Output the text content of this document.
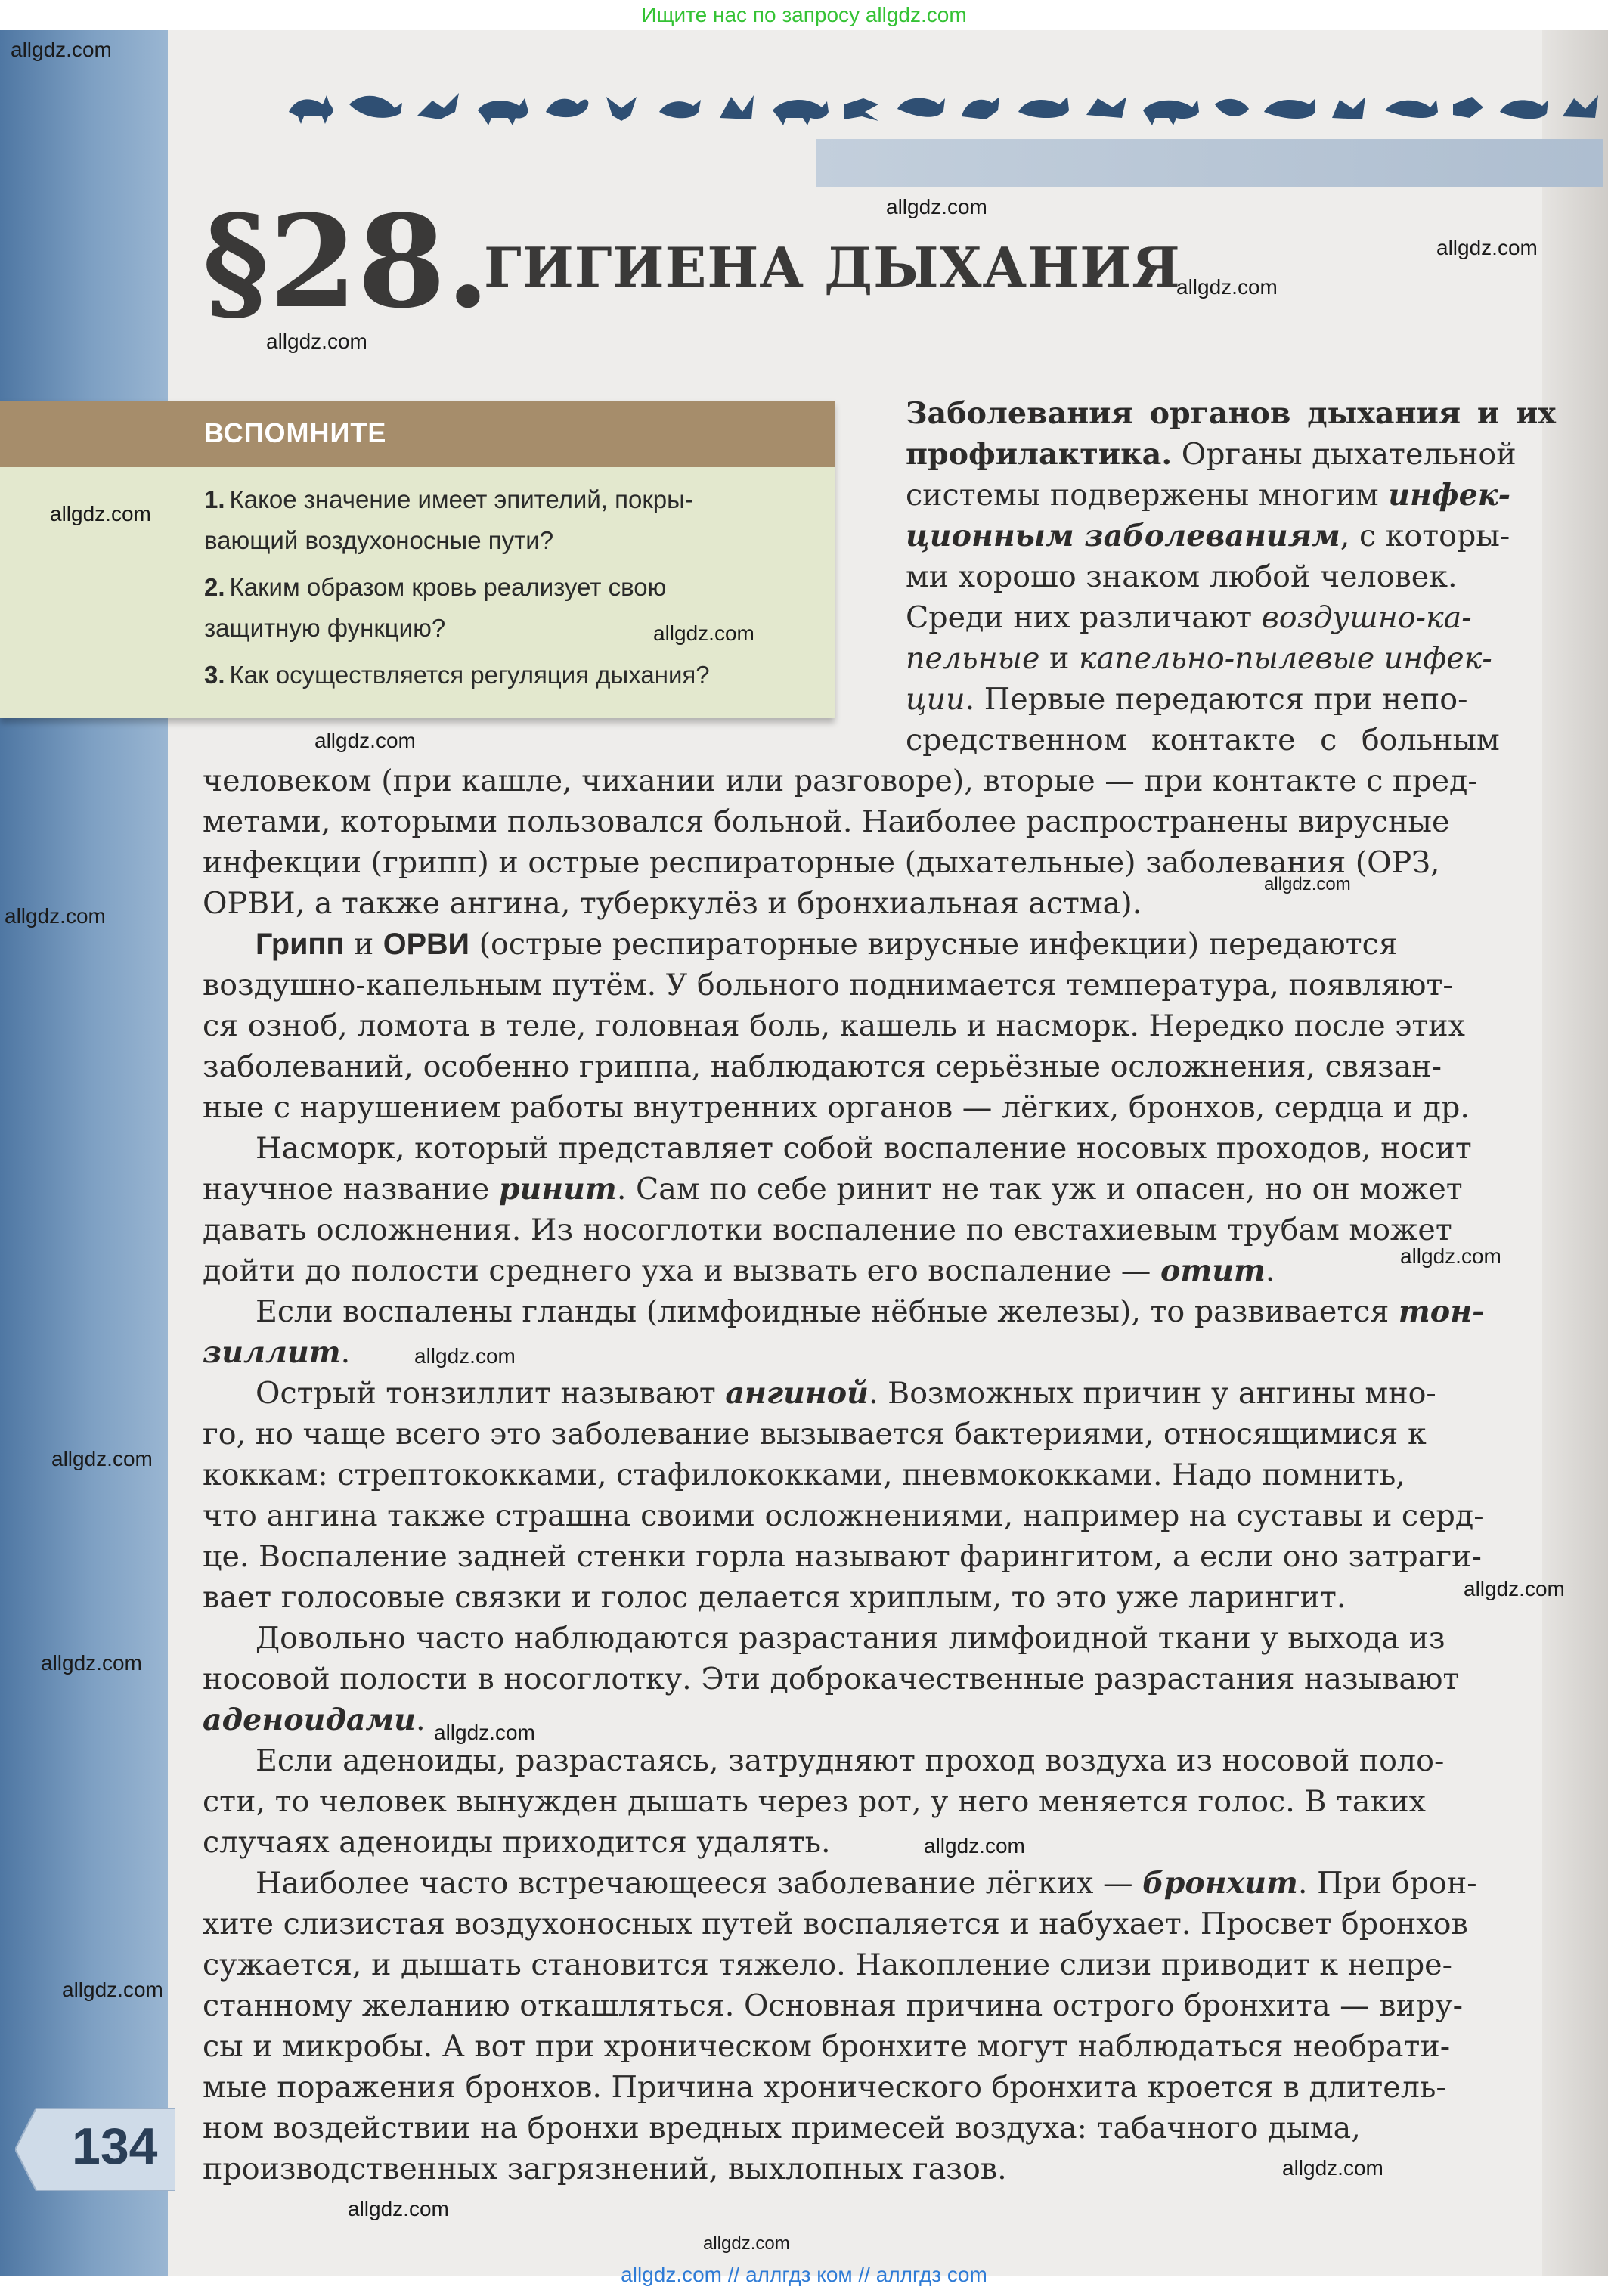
Ищите нас по запросу allgdz.com
§28.
ГИГИЕНА ДЫХАНИЯ
ВСПОМНИТЕ
1. Какое значение имеет эпителий, покры-
вающий воздухоносные пути?
2. Каким образом кровь реализует свою
защитную функцию?
3. Как осуществляется регуляция дыхания?
Заболевания органов дыхания и их
профилактика. Органы дыхательной
системы подвержены многим инфек-
ционным заболеваниям, с которы-
ми хорошо знаком любой человек.
Среди них различают воздушно-ка-
пельные и капельно-пылевые инфек-
ции. Первые передаются при непо-
средственном контакте с больным
человеком (при кашле, чихании или разговоре), вторые — при контакте с пред-
метами, которыми пользовался больной. Наиболее распространены вирусные
инфекции (грипп) и острые респираторные (дыхательные) заболевания (ОРЗ,
ОРВИ, а также ангина, туберкулёз и бронхиальная астма).
Грипп и ОРВИ (острые респираторные вирусные инфекции) передаются
воздушно-капельным путём. У больного поднимается температура, появляют-
ся озноб, ломота в теле, головная боль, кашель и насморк. Нередко после этих
заболеваний, особенно гриппа, наблюдаются серьёзные осложнения, связан-
ные с нарушением работы внутренних органов — лёгких, бронхов, сердца и др.
Насморк, который представляет собой воспаление носовых проходов, носит
научное название ринит. Сам по себе ринит не так уж и опасен, но он может
давать осложнения. Из носоглотки воспаление по евстахиевым трубам может
дойти до полости среднего уха и вызвать его воспаление — отит.
Если воспалены гланды (лимфоидные нёбные железы), то развивается тон-
зиллит.
Острый тонзиллит называют ангиной. Возможных причин у ангины мно-
го, но чаще всего это заболевание вызывается бактериями, относящимися к
коккам: стрептококками, стафилококками, пневмококками. Надо помнить,
что ангина также страшна своими осложнениями, например на суставы и серд-
це. Воспаление задней стенки горла называют фарингитом, а если оно затраги-
вает голосовые связки и голос делается хриплым, то это уже ларингит.
Довольно часто наблюдаются разрастания лимфоидной ткани у выхода из
носовой полости в носоглотку. Эти доброкачественные разрастания называют
аденоидами.
Если аденоиды, разрастаясь, затрудняют проход воздуха из носовой поло-
сти, то человек вынужден дышать через рот, у него меняется голос. В таких
случаях аденоиды приходится удалять.
Наиболее часто встречающееся заболевание лёгких — бронхит. При брон-
хите слизистая воздухоносных путей воспаляется и набухает. Просвет бронхов
сужается, и дышать становится тяжело. Накопление слизи приводит к непре-
станному желанию откашляться. Основная причина острого бронхита — виру-
сы и микробы. А вот при хроническом бронхите могут наблюдаться необрати-
мые поражения бронхов. Причина хронического бронхита кроется в длитель-
ном воздействии на бронхи вредных примесей воздуха: табачного дыма,
производственных загрязнений, выхлопных газов.
134
allgdz.com
allgdz.com
allgdz.com
allgdz.com
allgdz.com
allgdz.com
allgdz.com
allgdz.com
allgdz.com
allgdz.com
allgdz.com
allgdz.com
allgdz.com
allgdz.com
allgdz.com
allgdz.com
allgdz.com
allgdz.com
allgdz.com
allgdz.com
allgdz.com
allgdz.com // аллгдз ком // аллгдз com
